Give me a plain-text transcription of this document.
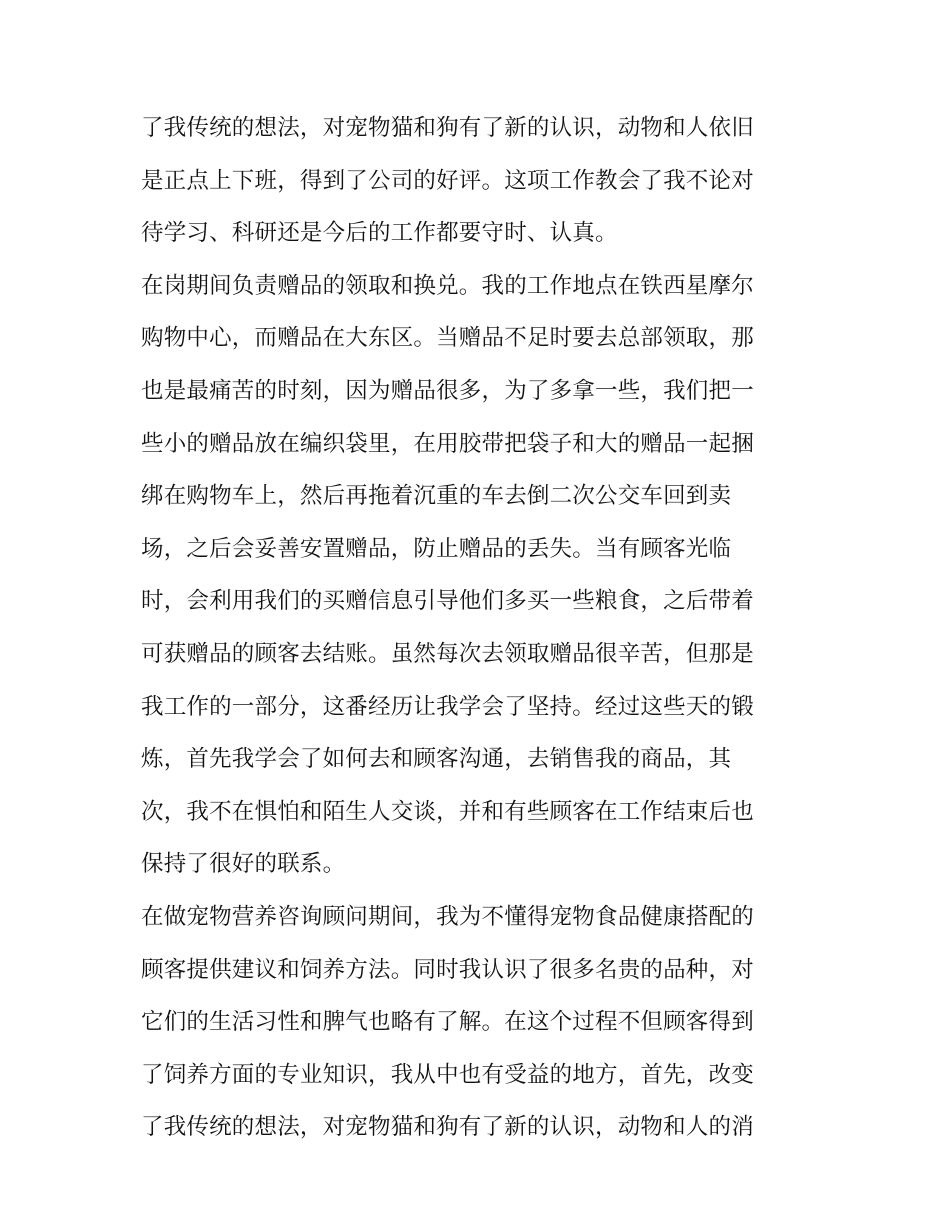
了我传统的想法，对宠物猫和狗有了新的认识，动物和人依旧
是正点上下班，得到了公司的好评。这项工作教会了我不论对
待学习、科研还是今后的工作都要守时、认真。
在岗期间负责赠品的领取和换兑。我的工作地点在铁西星摩尔
购物中心，而赠品在大东区。当赠品不足时要去总部领取，那
也是最痛苦的时刻，因为赠品很多，为了多拿一些，我们把一
些小的赠品放在编织袋里，在用胶带把袋子和大的赠品一起捆
绑在购物车上，然后再拖着沉重的车去倒二次公交车回到卖
场，之后会妥善安置赠品，防止赠品的丢失。当有顾客光临
时，会利用我们的买赠信息引导他们多买一些粮食，之后带着
可获赠品的顾客去结账。虽然每次去领取赠品很辛苦，但那是
我工作的一部分，这番经历让我学会了坚持。经过这些天的锻
炼，首先我学会了如何去和顾客沟通，去销售我的商品，其
次，我不在惧怕和陌生人交谈，并和有些顾客在工作结束后也
保持了很好的联系。
在做宠物营养咨询顾问期间，我为不懂得宠物食品健康搭配的
顾客提供建议和饲养方法。同时我认识了很多名贵的品种，对
它们的生活习性和脾气也略有了解。在这个过程不但顾客得到
了饲养方面的专业知识，我从中也有受益的地方，首先，改变
了我传统的想法，对宠物猫和狗有了新的认识，动物和人的消
